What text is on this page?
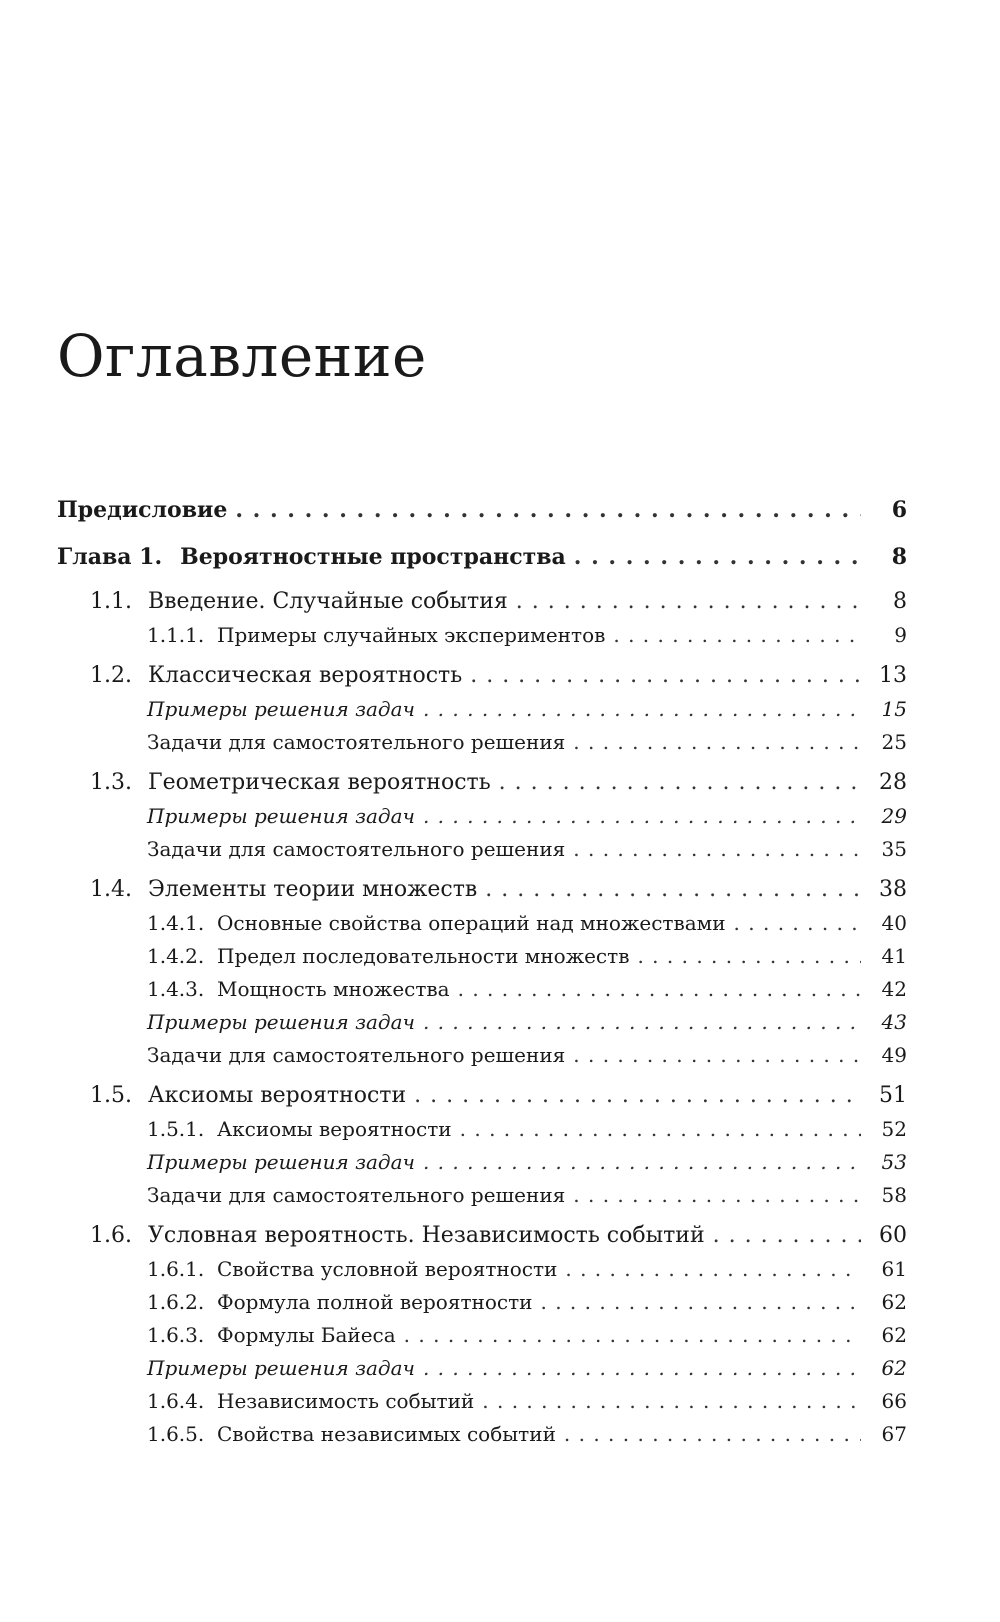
Оглавление
Предисловие . . .	6
Глава 1. Вероятностные пространства . . .	8
1.1. Введение. Случайные события . . .	8
1.1.1. Примеры случайных экспериментов . . .	9
1.2. Классическая вероятность . . .	13
Примеры решения задач . . .	15
Задачи для самостоятельного решения . . .	25
1.3. Геометрическая вероятность . . .	28
Примеры решения задач . . .	29
Задачи для самостоятельного решения . . .	35
1.4. Элементы теории множеств . . .	38
1.4.1. Основные свойства операций над множествами . . .	40
1.4.2. Предел последовательности множеств . . .	41
1.4.3. Мощность множества . . .	42
Примеры решения задач . . .	43
Задачи для самостоятельного решения . . .	49
1.5. Аксиомы вероятности . . .	51
1.5.1. Аксиомы вероятности . . .	52
Примеры решения задач . . .	53
Задачи для самостоятельного решения . . .	58
1.6. Условная вероятность. Независимость событий . . .	60
1.6.1. Свойства условной вероятности . . .	61
1.6.2. Формула полной вероятности . . .	62
1.6.3. Формулы Байеса . . .	62
Примеры решения задач . . .	62
1.6.4. Независимость событий . . .	66
1.6.5. Свойства независимых событий . . .	67
